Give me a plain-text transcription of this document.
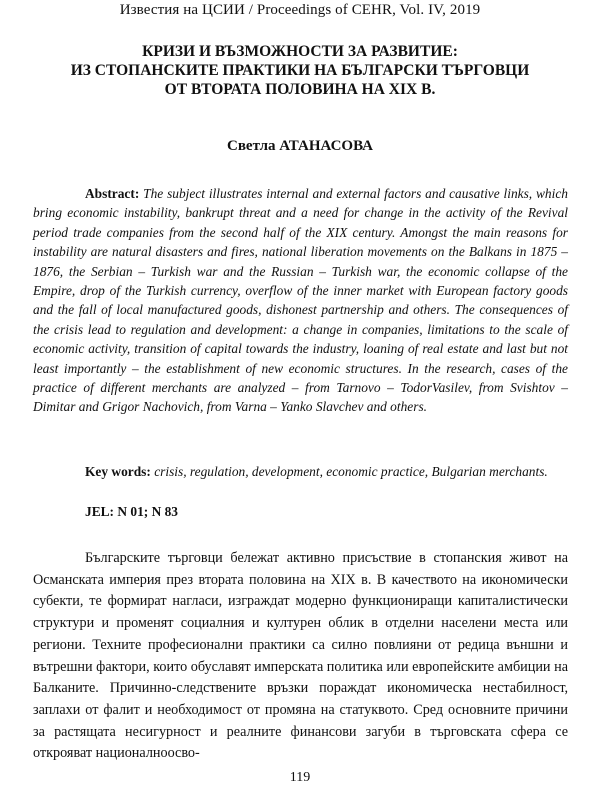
Известия на ЦСИИ / Proceedings of CEHR, Vol. IV, 2019
КРИЗИ И ВЪЗМОЖНОСТИ ЗА РАЗВИТИЕ:
ИЗ СТОПАНСКИТЕ ПРАКТИКИ НА БЪЛГАРСКИ ТЪРГОВЦИ
ОТ ВТОРАТА ПОЛОВИНА НА XIX В.
Светла АТАНАСОВА

Abstract: The subject illustrates internal and external factors and causative links, which bring economic instability, bankrupt threat and a need for change in the activity of the Revival period trade companies from the second half of the XIX century. Amongst the main reasons for instability are natural disasters and fires, national liberation movements on the Balkans in 1875 – 1876, the Serbian – Turkish war and the Russian – Turkish war, the economic collapse of the Empire, drop of the Turkish currency, overflow of the inner market with European factory goods and the fall of local manufactured goods, dishonest partnership and others. The consequences of the crisis lead to regulation and development: a change in companies, limitations to the scale of economic activity, transition of capital towards the industry, loaning of real estate and last but not least importantly – the establishment of new economic structures. In the research, cases of the practice of different merchants are analyzed – from Tarnovo – TodorVasilev, from Svishtov – Dimitar and Grigor Nachovich, from Varna – Yanko Slavchev and others.

Key words: crisis, regulation, development, economic practice, Bulgarian merchants.

JEL: N 01; N 83

Българските търговци бележат активно присъствие в стопанския живот на Османската империя през втората половина на XIX в. В качеството на икономически субекти, те формират нагласи, изграждат модерно функциониращи капиталистически структури и променят социалния и културен облик в отделни населени места или региони. Техните професионални практики са силно повлияни от редица външни и вътрешни фактори, които обуславят имперската политика или европейските амбиции на Балканите. Причинно-следствените връзки пораждат икономическа нестабилност, заплахи от фалит и необходимост от промяна на статуквото. Сред основните причини за растящата несигурност и реалните финансови загуби в търговската сфера се открояват националноосво-

119
